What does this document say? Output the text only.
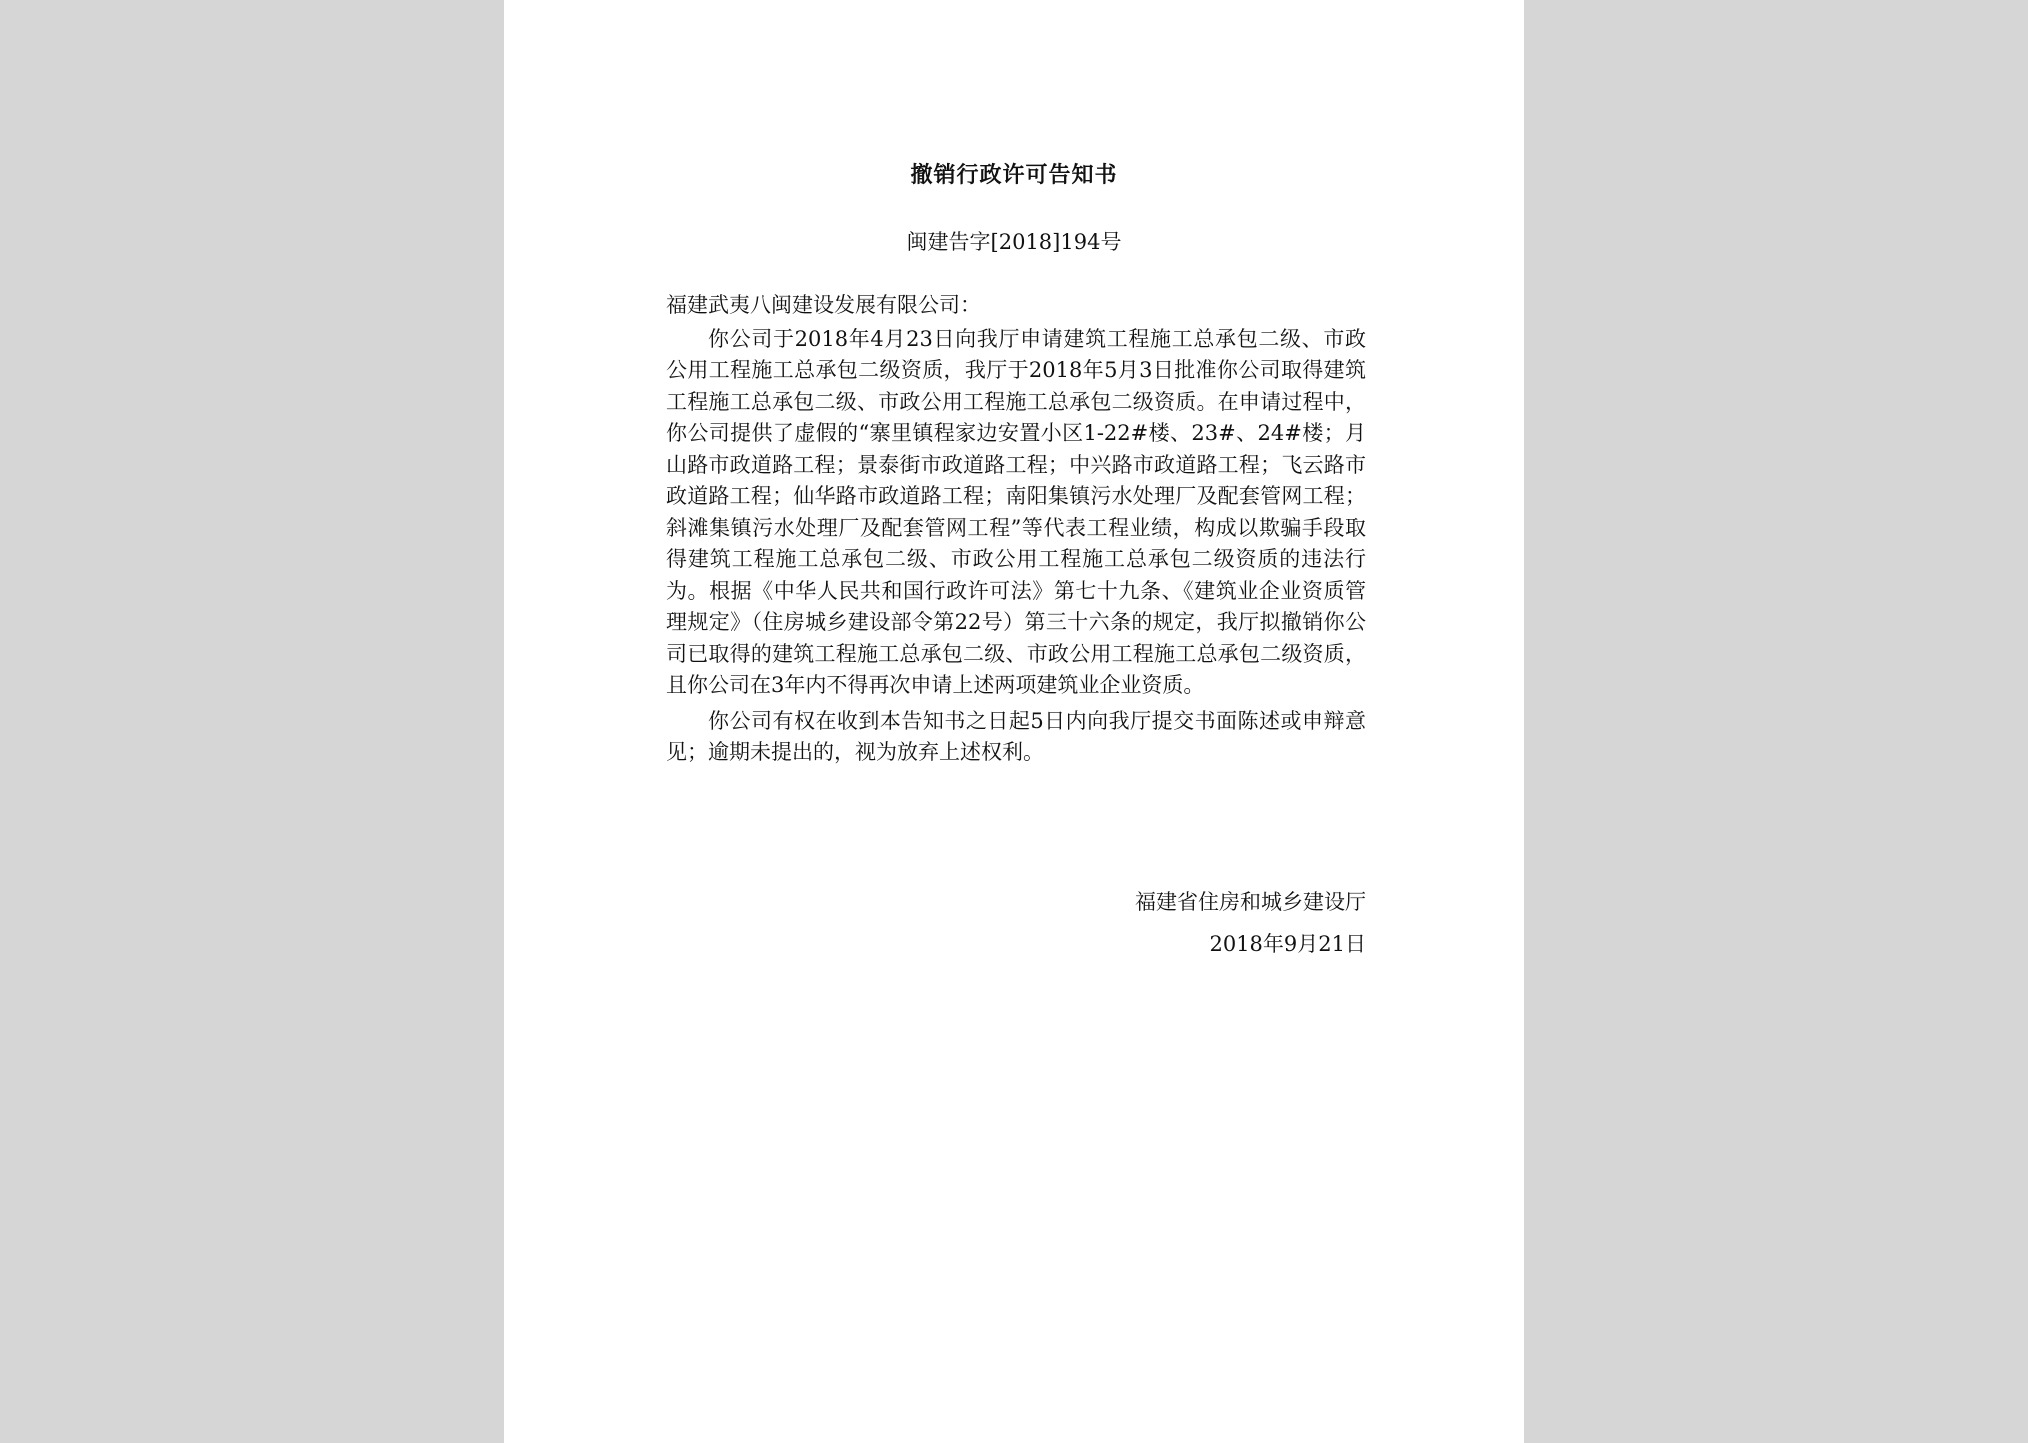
撤销行政许可告知书
闽建告字[2018]194号

福建武夷八闽建设发展有限公司：

你公司于2018年4月23日向我厅申请建筑工程施工总承包二级、市政公用工程施工总承包二级资质，我厅于2018年5月3日批准你公司取得建筑工程施工总承包二级、市政公用工程施工总承包二级资质。在申请过程中，你公司提供了虚假的“寨里镇程家边安置小区1-22#楼、23#、24#楼；月山路市政道路工程；景泰街市政道路工程；中兴路市政道路工程；飞云路市政道路工程；仙华路市政道路工程；南阳集镇污水处理厂及配套管网工程；斜滩集镇污水处理厂及配套管网工程”等代表工程业绩，构成以欺骗手段取得建筑工程施工总承包二级、市政公用工程施工总承包二级资质的违法行为。根据《中华人民共和国行政许可法》第七十九条、《建筑业企业资质管理规定》（住房城乡建设部令第22号）第三十六条的规定，我厅拟撤销你公司已取得的建筑工程施工总承包二级、市政公用工程施工总承包二级资质，且你公司在3年内不得再次申请上述两项建筑业企业资质。

你公司有权在收到本告知书之日起5日内向我厅提交书面陈述或申辩意见；逾期未提出的，视为放弃上述权利。

福建省住房和城乡建设厅
2018年9月21日
